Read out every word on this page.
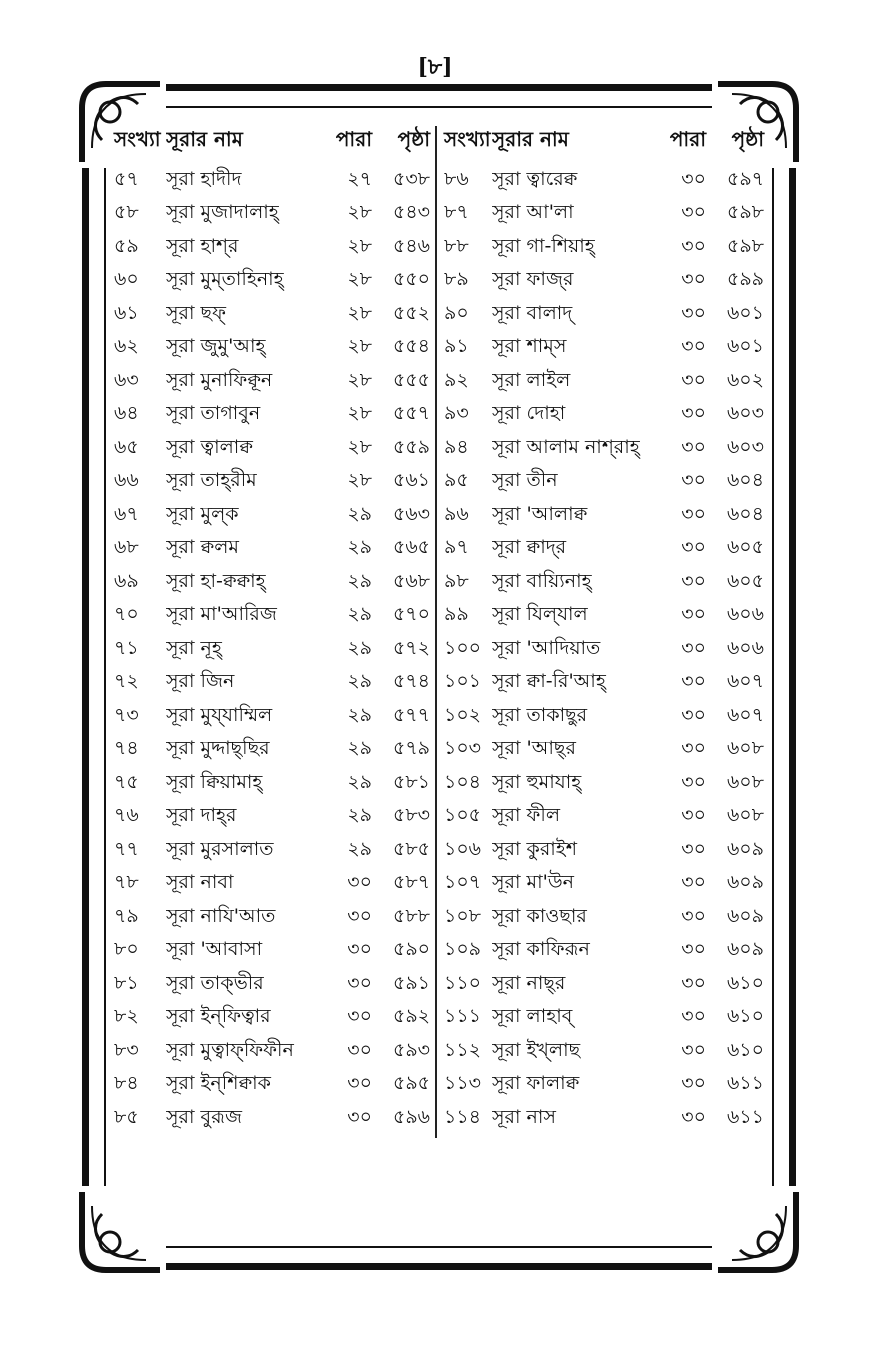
[৮]
সংখ্যা সূরার নাম	পারা	পৃষ্ঠা
৫৭	সূরা হাদীদ	২৭	৫৩৮
৫৮	সূরা মুজাদালাহ্	২৮	৫৪৩
৫৯	সূরা হাশ্‌র	২৮	৫৪৬
৬০	সূরা মুম্‌তাহিনাহ্	২৮	৫৫০
৬১	সূরা ছফ্	২৮	৫৫২
৬২	সূরা জুমু'আহ্	২৮	৫৫৪
৬৩	সূরা মুনাফিক্বূন	২৮	৫৫৫
৬৪	সূরা তাগাবুন	২৮	৫৫৭
৬৫	সূরা ত্বালাক্ব	২৮	৫৫৯
৬৬	সূরা তাহ্‌রীম	২৮	৫৬১
৬৭	সূরা মুল্‌ক	২৯	৫৬৩
৬৮	সূরা ক্বলম	২৯	৫৬৫
৬৯	সূরা হা-ক্বক্বাহ্	২৯	৫৬৮
৭০	সূরা মা'আরিজ	২৯	৫৭০
৭১	সূরা নূহ্	২৯	৫৭২
৭২	সূরা জিন	২৯	৫৭৪
৭৩	সূরা মুয্‌যাম্মিল	২৯	৫৭৭
৭৪	সূরা মুদ্দাছ্‌ছির	২৯	৫৭৯
৭৫	সূরা ক্বিয়ামাহ্	২৯	৫৮১
৭৬	সূরা দাহ্‌র	২৯	৫৮৩
৭৭	সূরা মুরসালাত	২৯	৫৮৫
৭৮	সূরা নাবা	৩০	৫৮৭
৭৯	সূরা নাযি'আত	৩০	৫৮৮
৮০	সূরা 'আবাসা	৩০	৫৯০
৮১	সূরা তাক্‌ভীর	৩০	৫৯১
৮২	সূরা ইন্‌ফিত্বার	৩০	৫৯২
৮৩	সূরা মুত্বাফ্‌ফিফীন	৩০	৫৯৩
৮৪	সূরা ইন্‌শিক্বাক	৩০	৫৯৫
৮৫	সূরা বুরূজ	৩০	৫৯৬
সংখ্যা সূরার নাম	পারা	পৃষ্ঠা
৮৬	সূরা ত্বারেক্ব	৩০	৫৯৭
৮৭	সূরা আ'লা	৩০	৫৯৮
৮৮	সূরা গা-শিয়াহ্	৩০	৫৯৮
৮৯	সূরা ফাজ্‌র	৩০	৫৯৯
৯০	সূরা বালাদ্	৩০	৬০১
৯১	সূরা শাম্‌স	৩০	৬০১
৯২	সূরা লাইল	৩০	৬০২
৯৩	সূরা দোহা	৩০	৬০৩
৯৪	সূরা আলাম নাশ্‌রাহ্	৩০	৬০৩
৯৫	সূরা তীন	৩০	৬০৪
৯৬	সূরা 'আলাক্ব	৩০	৬০৪
৯৭	সূরা ক্বাদ্‌র	৩০	৬০৫
৯৮	সূরা বায়্যিনাহ্	৩০	৬০৫
৯৯	সূরা যিল্‌যাল	৩০	৬০৬
১০০ সূরা 'আদিয়াত	৩০	৬০৬
১০১ সূরা ক্বা-রি'আহ্	৩০	৬০৭
১০২ সূরা তাকাছুর	৩০	৬০৭
১০৩ সূরা 'আছ্‌র	৩০	৬০৮
১০৪ সূরা হুমাযাহ্	৩০	৬০৮
১০৫ সূরা ফীল	৩০	৬০৮
১০৬ সূরা কুরাইশ	৩০	৬০৯
১০৭ সূরা মা'উন	৩০	৬০৯
১০৮ সূরা কাওছার	৩০	৬০৯
১০৯ সূরা কাফিরূন	৩০	৬০৯
১১০ সূরা নাছ্‌র	৩০	৬১০
১১১ সূরা লাহাব্	৩০	৬১০
১১২ সূরা ইখ্‌লাছ	৩০	৬১০
১১৩ সূরা ফালাক্ব	৩০	৬১১
১১৪ সূরা নাস	৩০	৬১১
